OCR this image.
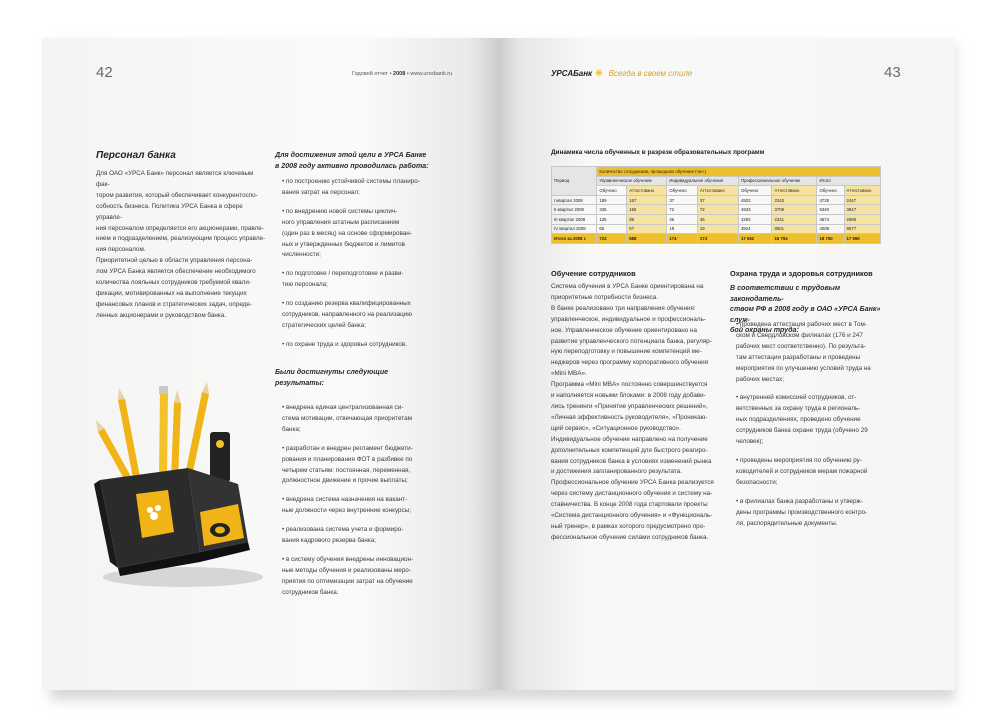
42	Годовой отчет • 2008 • www.urssbank.ru
Персонал банка
Для ОАО «УРСА Банк» персонал является ключевым фак-
тором развития, который обеспечивает конкурентоспо-
собность бизнеса. Политика УРСА Банка в сфере управле-
ния персоналом определяется его акционерами, правле-
нием и подразделением, реализующим процесс управле-
ния персоналом.
Приоритетной целью в области управления персона-
лом УРСА Банка является обеспечение необходимого
количества лояльных сотрудников требуемой квали-
фикации, мотивированных на выполнение текущих
финансовых планов и стратегических задач, опреде-
ленных акционерами и руководством банка.
Для достижения этой цели в УРСА Банке
в 2008 году активно проводилась работа:

• по построению устойчивой системы планиро-

вания затрат на персонал;

• по внедрению новой системы циклич-

ного управления штатным расписанием

(один раз в месяц) на основе сформирован-

ных и утвержденных бюджетов и лимитов

численности;

• по подготовке / переподготовке и разви-

тию персонала;

• по созданию резерва квалифицированных

сотрудников, направленного на реализацию

стратегических целей банка;

• по охране труда и здоровья сотрудников.

Были достигнуты следующие
результаты:

• внедрена единая централизованная си-

стема мотивации, отвечающая приоритетам

банка;

• разработан и внедрен регламент бюджети-

рования и планирования ФОТ в разбивке по

четырем статьям: постоянная, переменная,

должностное движение и прочие выплаты;

• внедрена система назначения на вакант-

ные должности через внутренние конкурсы;

• реализована система учета и формиро-

вания кадрового резерва банка;

• в систему обучения внедрены инновацион-

ные методы обучения и реализованы меро-

приятия по оптимизации затрат на обучение

сотрудников банка.

43
УРСАБанк ❋ Всегда в своем стиле
Динамика числа обученных в разрезе образовательных программ
Период	Количество сотрудников, прошедших обучение (чел.)							
	Управленческое обучение		Индивидуальное обучение		Профессиональное обучение		Итого	
	Обучено	Аттестовано	Обучено	Аттестовано	Обучено	Аттестовано	Обучено	Аттестовано
I квартал 2008	189	167	37	37	4502	2243	4728	2447
II квартал 2008	335	166	72	72	4933	3709	5340	3947
III квартал 2008	135	98	46	46	4293	2341	4674	2585
IV квартал 2008	65	57	19	19	3924	8501	4008	8577
Итого за 2008 г.	724	588	174	174	17 652	16 794	18 750	17 556
Обучение сотрудников
Система обучения в УРСА Банке ориентирована на
приоритетные потребности бизнеса.
В банке реализовано три направления обучения:
управленческое, индивидуальное и профессиональ-
ное. Управленческое обучение ориентировано на
развитие управленческого потенциала банка, регуляр-
ную переподготовку и повышение компетенций ме-
неджеров через программу корпоративного обучения
«Mini MBA».
Программа «Mini MBA» постоянно совершенствуется
и наполняется новыми блоками: в 2008 году добави-
лись тренинги «Принятие управленческих решений»,
«Личная эффективность руководителя», «Проникаю-
щий сервис», «Ситуационное руководство».
Индивидуальное обучение направлено на получение
дополнительных компетенций для быстрого реагиро-
вания сотрудников банка в условиях изменений рынка
и достижения запланированного результата.
Профессиональное обучение УРСА Банка реализуется
через систему дистанционного обучения и систему на-
ставничества. В конце 2008 года стартовали проекты
«Система дистанционного обучения» и «Функциональ-
ный тренер», в рамках которого предусмотрено про-
фессиональное обучение силами сотрудников банка.
Охрана труда и здоровья сотрудников
В соответствии с трудовым законодатель-
ством РФ в 2008 году в ОАО «УРСА Банк» служ-
бой охраны труда:

• проведена аттестация рабочих мест в Том-

ском и Свердловском филиалах (176 и 247

рабочих мест соответственно). По результа-

там аттестации разработаны и проведены

мероприятия по улучшению условий труда на

рабочих местах;

• внутренней комиссией сотрудников, от-

ветственных за охрану труда в региональ-

ных подразделениях, проведено обучение

сотрудников банка охране труда (обучено 29

человек);

• проведены мероприятия по обучению ру-

ководителей и сотрудников мерам пожарной

безопасности;

• в филиалах банка разработаны и утверж-

дены программы производственного контро-

ля, распорядительные документы.
